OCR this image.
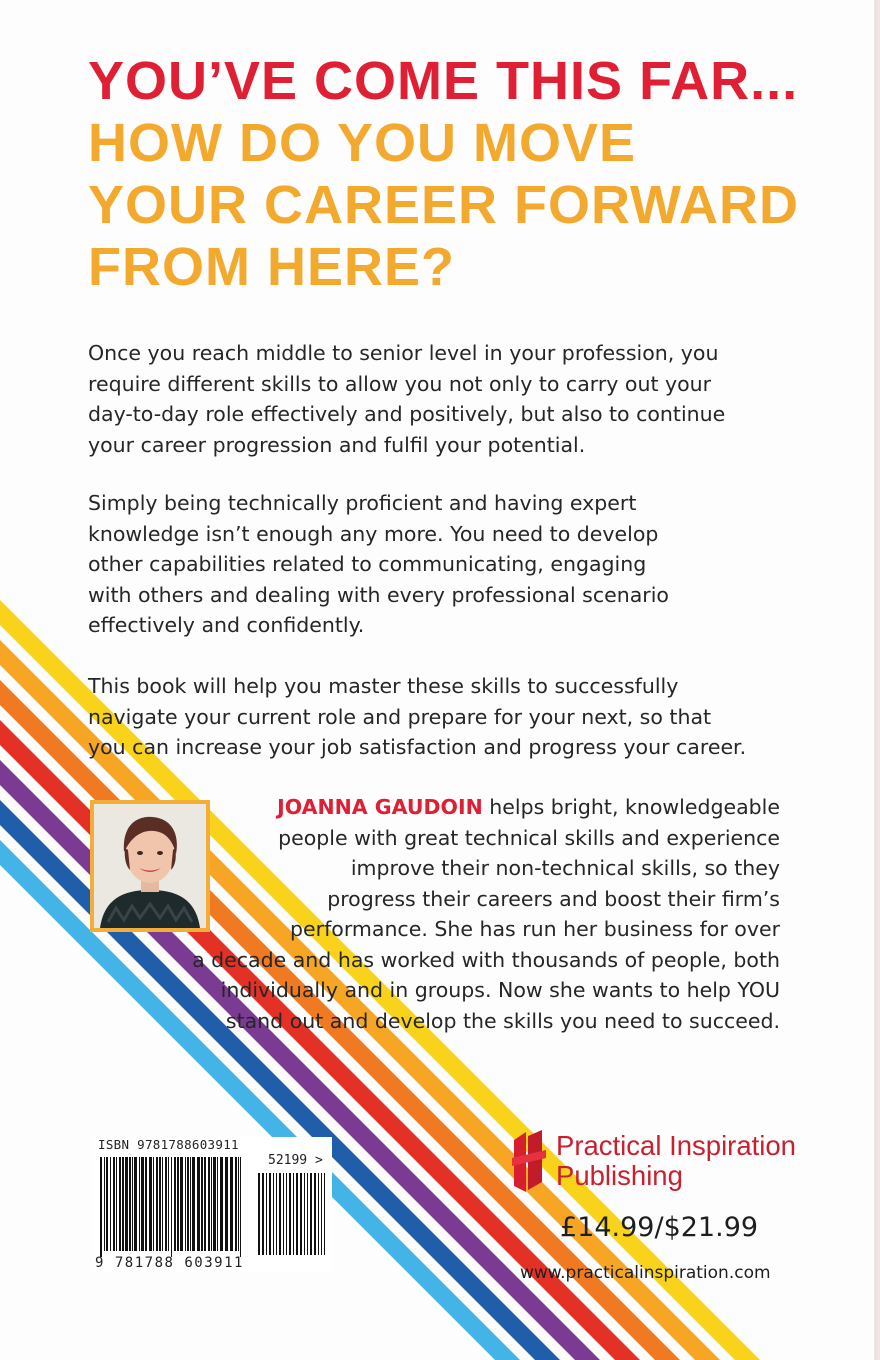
YOU’VE COME THIS FAR...
HOW DO YOU MOVE
YOUR CAREER FORWARD
FROM HERE?

Once you reach middle to senior level in your profession, you
require different skills to allow you not only to carry out your
day-to-day role effectively and positively, but also to continue
your career progression and fulfil your potential.

Simply being technically proficient and having expert
knowledge isn’t enough any more. You need to develop
other capabilities related to communicating, engaging
with others and dealing with every professional scenario
effectively and confidently.

This book will help you master these skills to successfully
navigate your current role and prepare for your next, so that
you can increase your job satisfaction and progress your career.

JOANNA GAUDOIN helps bright, knowledgeable
people with great technical skills and experience
improve their non-technical skills, so they
progress their careers and boost their firm’s
performance. She has run her business for over
a decade and has worked with thousands of people, both
individually and in groups. Now she wants to help YOU
stand out and develop the skills you need to succeed.

ISBN 9781788603911
52199 >
9 781788 603911
Practical Inspiration
Publishing
£14.99/$21.99
www.practicalinspiration.com
